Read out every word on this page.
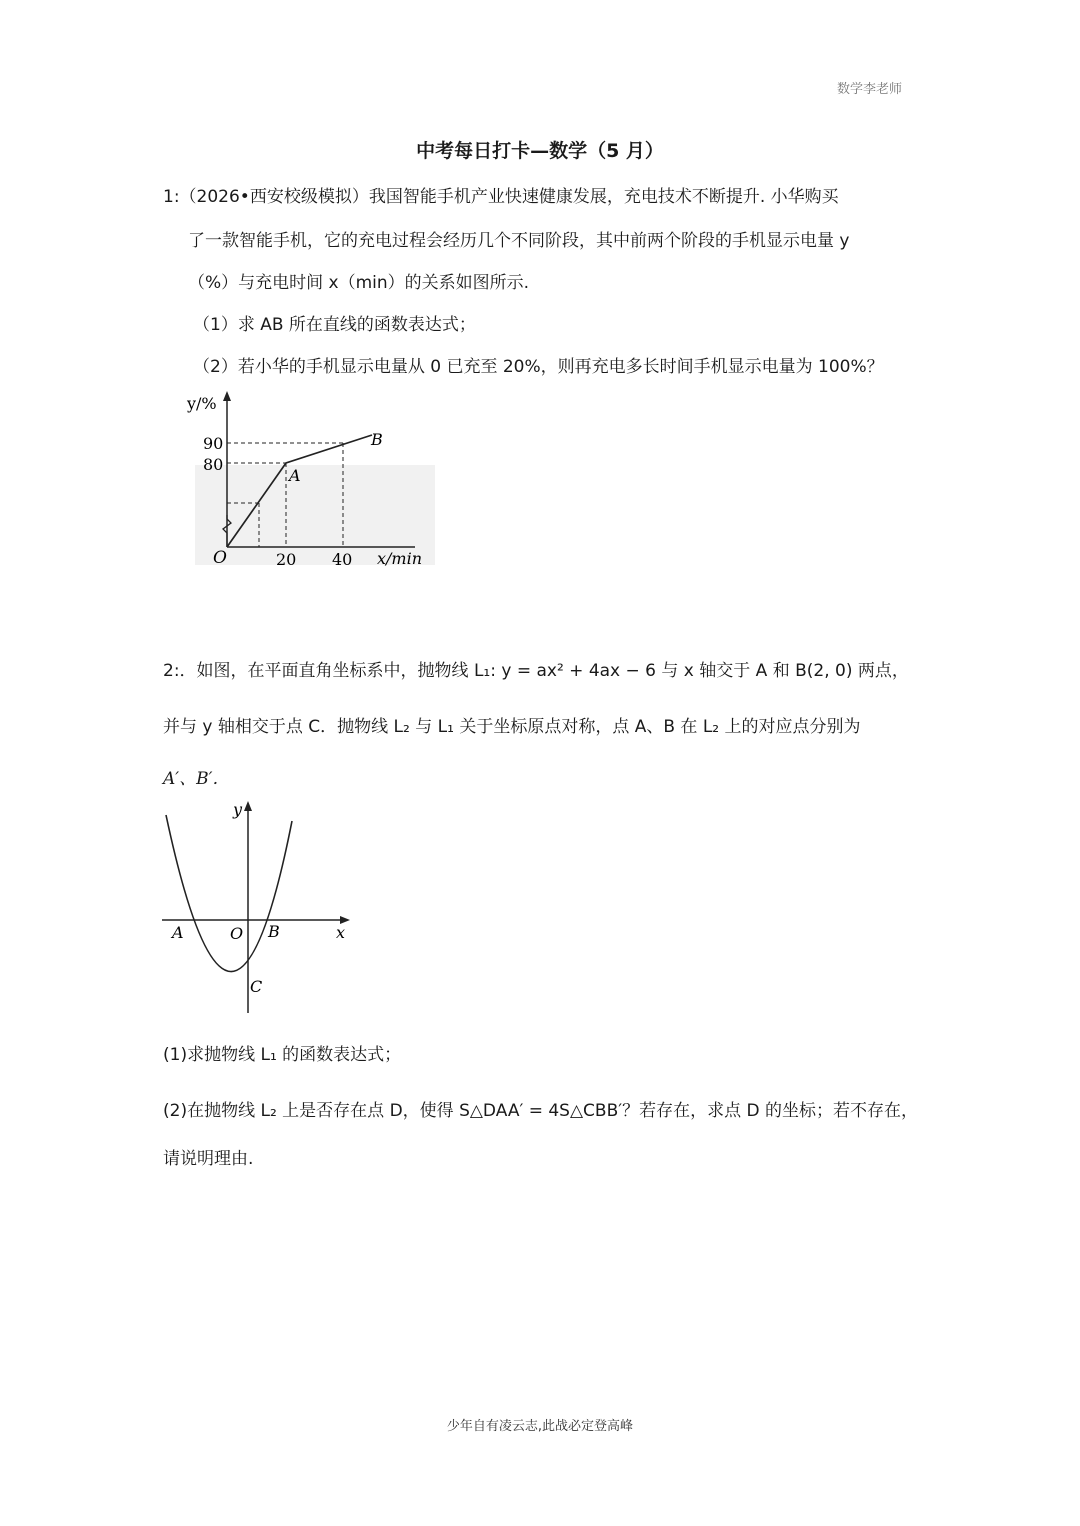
数学李老师
中考每日打卡—数学（5 月）
1:（2026•西安校级模拟）我国智能手机产业快速健康发展，充电技术不断提升. 小华购买
了一款智能手机，它的充电过程会经历几个不同阶段，其中前两个阶段的手机显示电量 y
（%）与充电时间 x（min）的关系如图所示.
（1）求 AB 所在直线的函数表达式；
（2）若小华的手机显示电量从 0 已充至 20%，则再充电多长时间手机显示电量为 100%？
y/%
90
80
O	20 40 x/min
A
B
2:．如图，在平面直角坐标系中，抛物线 L₁: y = ax² + 4ax − 6 与 x 轴交于 A 和 B(2, 0) 两点，
并与 y 轴相交于点 C．抛物线 L₂ 与 L₁ 关于坐标原点对称，点 A、B 在 L₂ 上的对应点分别为
A′、B′．
y
x
O
A	B
C
(1)求抛物线 L₁ 的函数表达式；
(2)在抛物线 L₂ 上是否存在点 D，使得 S△DAA′ = 4S△CBB′？若存在，求点 D 的坐标；若不存在，
请说明理由.
少年自有凌云志,此战必定登高峰
